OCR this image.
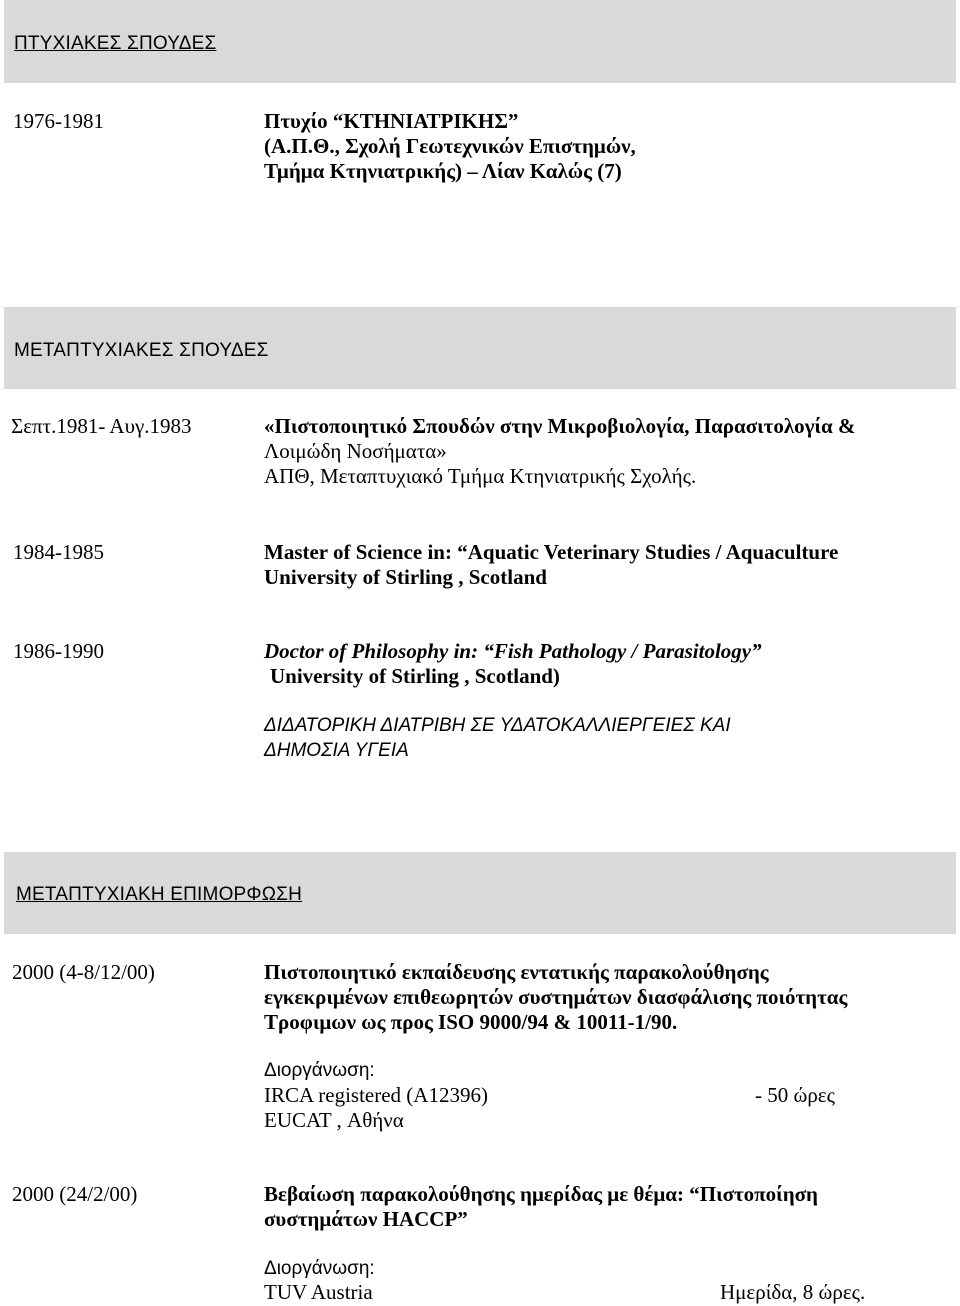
ΠΤΥΧΙΑΚΕΣ ΣΠΟΥΔΕΣ
1976-1981	Πτυχίο “ΚΤΗΝΙΑΤΡΙΚΗΣ”
(Α.Π.Θ., Σχολή Γεωτεχνικών Επιστημών,
Τμήμα Κτηνιατρικής) – Λίαν Καλώς (7)
ΜΕΤΑΠΤΥΧΙΑΚΕΣ ΣΠΟΥΔΕΣ
Σεπτ.1981- Αυγ.1983	«Πιστοποιητικό Σπουδών στην Μικροβιολογία, Παρασιτολογία &
Λοιμώδη Νοσήματα»
ΑΠΘ, Μεταπτυχιακό Τμήμα Κτηνιατρικής Σχολής.
1984-1985	Master of Science in: “Aquatic Veterinary Studies / Aquaculture
University of Stirling , Scotland
1986-1990	Doctor of Philosophy in: “Fish Pathology / Parasitology”
University of Stirling , Scotland)
ΔΙΔΑΤΟΡΙΚΗ ΔΙΑΤΡΙΒΗ ΣΕ ΥΔΑΤΟΚΑΛΛΙΕΡΓΕΙΕΣ ΚΑΙ
ΔΗΜΟΣΙΑ ΥΓΕΙΑ
ΜΕΤΑΠΤΥΧΙΑΚΗ ΕΠΙΜΟΡΦΩΣΗ
2000 (4-8/12/00)	Πιστοποιητικό εκπαίδευσης εντατικής παρακολούθησης
εγκεκριμένων επιθεωρητών συστημάτων διασφάλισης ποιότητας
Τροφιμων ως προς ISO 9000/94 & 10011-1/90.
Διοργάνωση:
IRCA registered (A12396)	- 50 ώρες
EUCAT , Αθήνα
2000 (24/2/00)	Βεβαίωση παρακολούθησης ημερίδας με θέμα: “Πιστοποίηση
συστημάτων HACCP”
Διοργάνωση:
TUV Austria	Ημερίδα, 8 ώρες.
